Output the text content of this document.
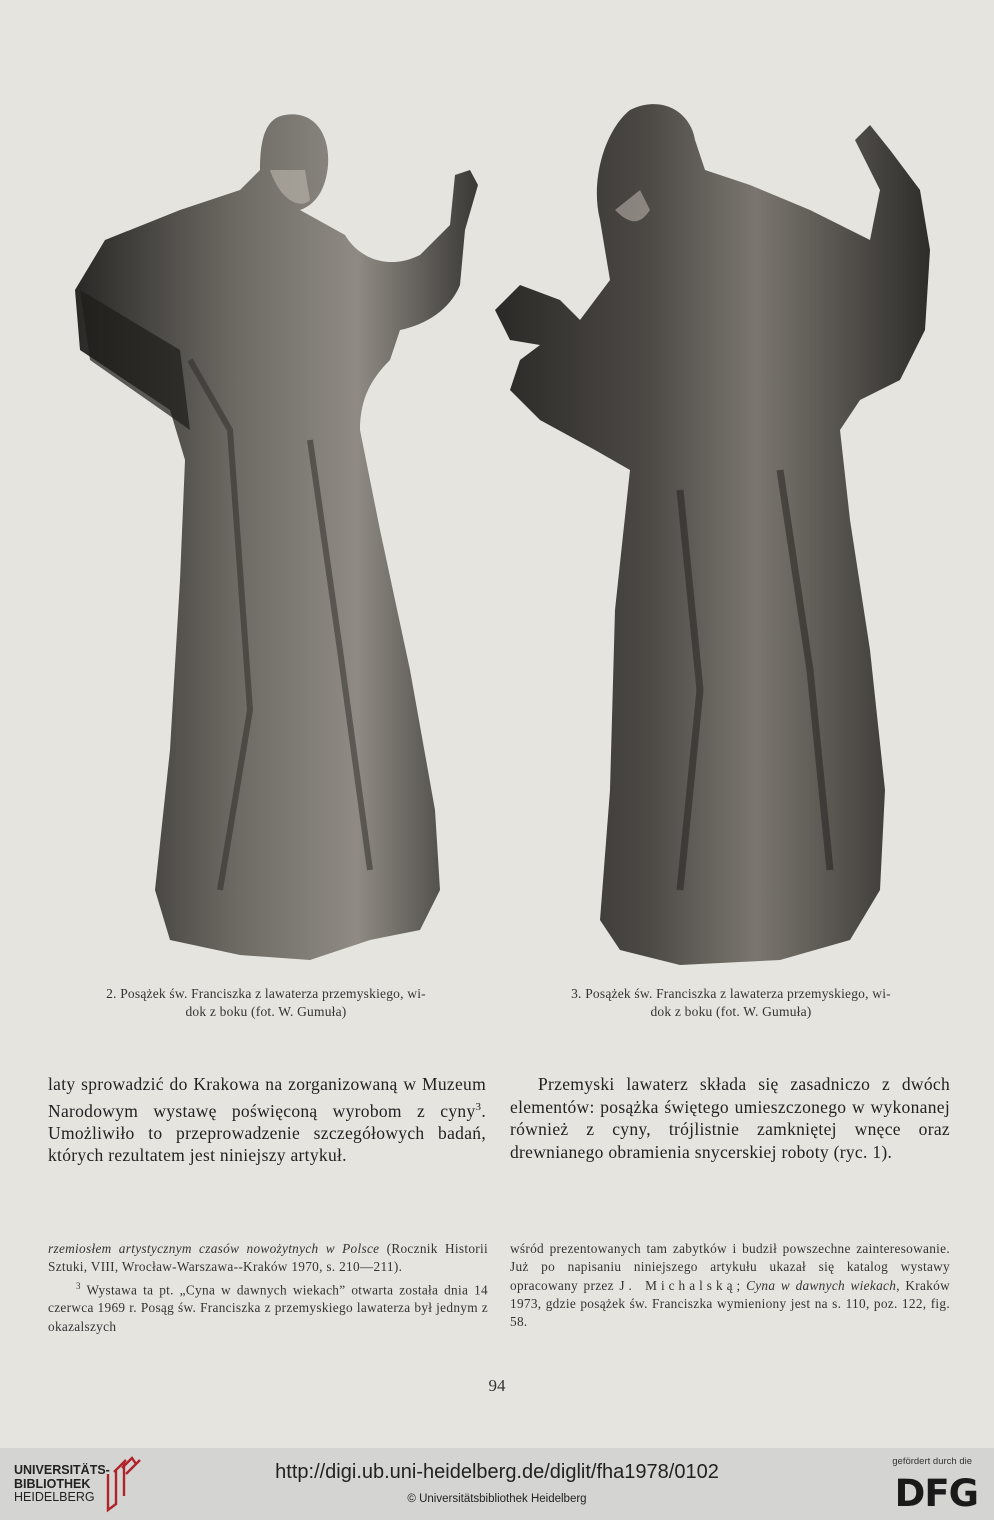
2. Posążek św. Franciszka z lawaterza przemyskiego, wi-
dok z boku (fot. W. Gumuła)
3. Posążek św. Franciszka z lawaterza przemyskiego, wi-
dok z boku (fot. W. Gumuła)

laty sprowadzić do Krakowa na zorganizowaną w Muzeum Narodowym wystawę poświęconą wyrobom z cyny$^3$. Umożliwiło to przeprowadzenie szczegółowych badań, których rezultatem jest niniejszy artykuł.

Przemyski lawaterz składa się zasadniczo z dwóch elementów: posążka świętego umieszczonego w wykonanej również z cyny, trójlistnie zamkniętej wnęce oraz drewnianego obramienia snycerskiej roboty (ryc. 1).

rzemiosłem artystycznym czasów nowożytnych w Polsce (Rocznik Historii Sztuki, VIII, Wrocław-Warszawa--Kraków 1970, s. 210—211).

$^3$ Wystawa ta pt. „Cyna w dawnych wiekach” otwarta została dnia 14 czerwca 1969 r. Posąg św. Franciszka z przemyskiego lawaterza był jednym z okazalszych

wśród prezentowanych tam zabytków i budził powszechne zainteresowanie. Już po napisaniu niniejszego artykułu ukazał się katalog wystawy opracowany przez J. Michalską; Cyna w dawnych wiekach, Kraków 1973, gdzie posążek św. Franciszka wymieniony jest na s. 110, poz. 122, fig. 58.

94
UNIVERSITÄTS-
BIBLIOTHEK
HEIDELBERG
http://digi.ub.uni-heidelberg.de/diglit/fha1978/0102
© Universitätsbibliothek Heidelberg
gefördert durch die
DFG
